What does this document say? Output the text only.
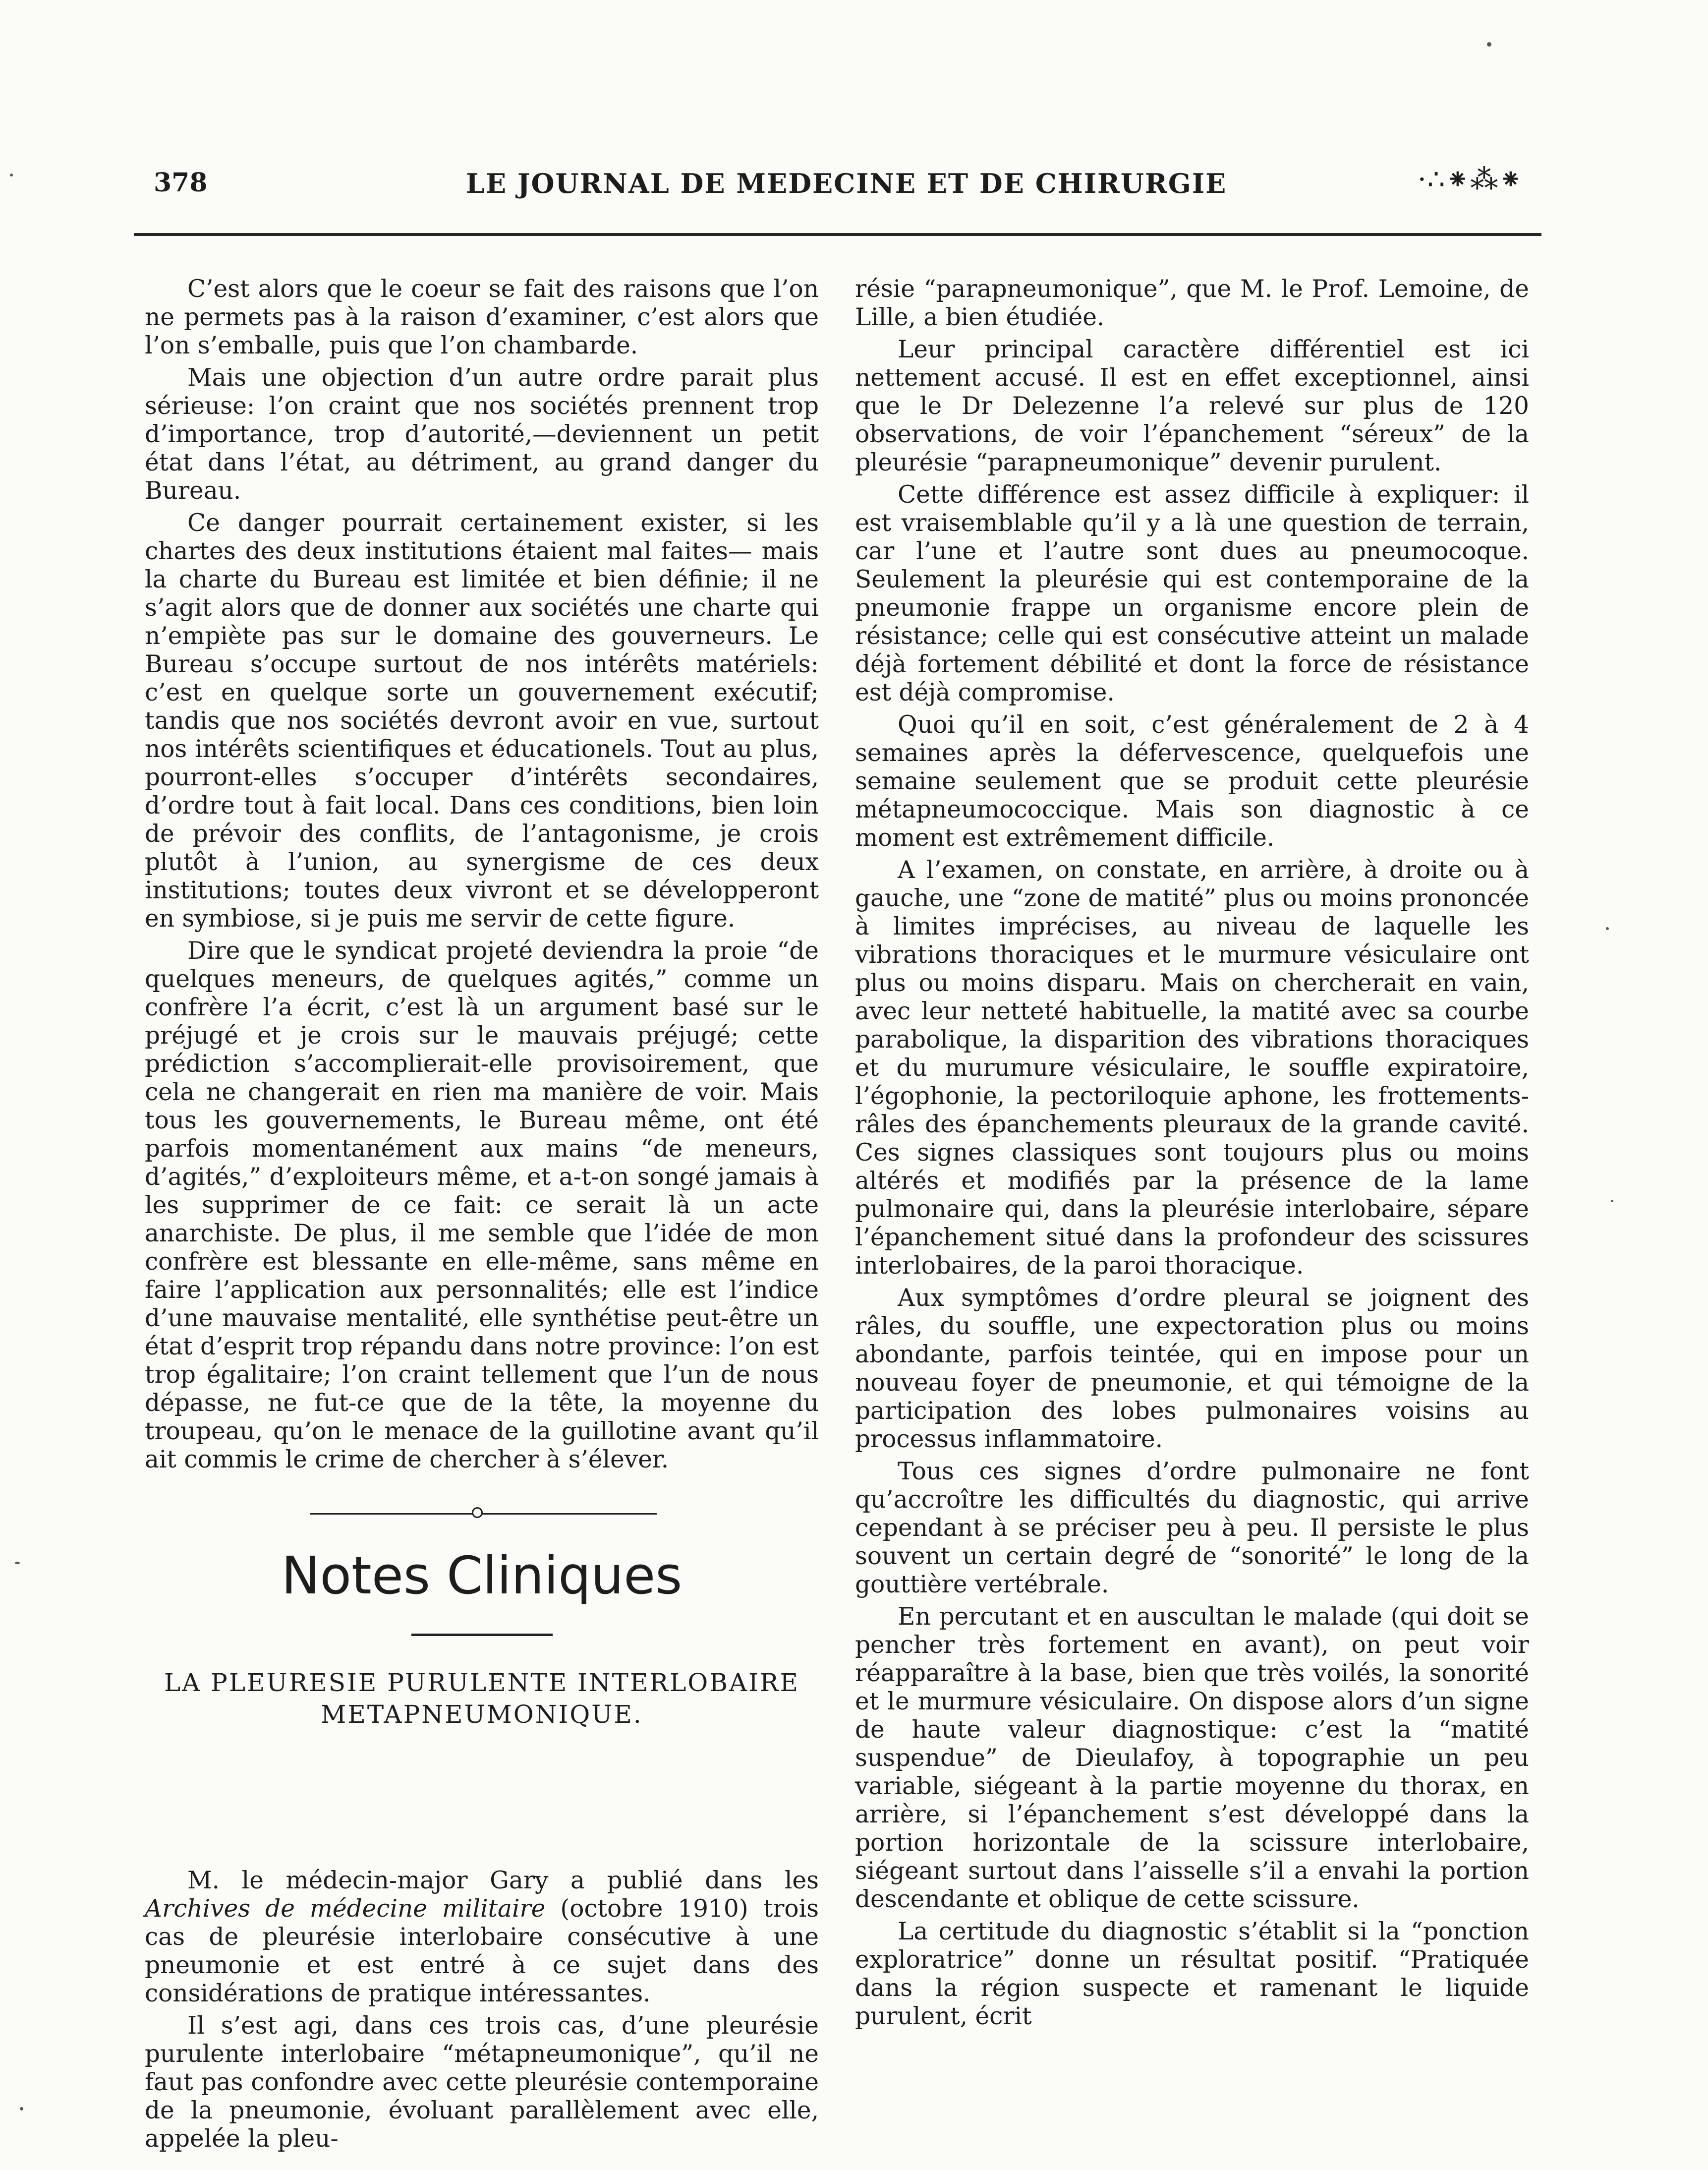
378	LE JOURNAL DE MEDECINE ET DE CHIRURGIE	·∴⁕⁂⁕

C’est alors que le coeur se fait des raisons que l’on ne permets pas à la raison d’examiner, c’est alors que l’on s’emballe, puis que l’on chambarde.

Mais une objection d’un autre ordre parait plus sérieuse: l’on craint que nos sociétés prennent trop d’importance, trop d’autorité,—deviennent un petit état dans l’état, au détriment, au grand danger du Bureau.

Ce danger pourrait certainement exister, si les chartes des deux institutions étaient mal faites— mais la charte du Bureau est limitée et bien définie; il ne s’agit alors que de donner aux sociétés une charte qui n’empiète pas sur le domaine des gouverneurs. Le Bureau s’occupe surtout de nos intérêts matériels: c’est en quelque sorte un gouvernement exécutif; tandis que nos sociétés devront avoir en vue, surtout nos intérêts scientifiques et éducationels. Tout au plus, pourront-elles s’occuper d’intérêts secondaires, d’ordre tout à fait local. Dans ces conditions, bien loin de prévoir des conflits, de l’antagonisme, je crois plutôt à l’union, au synergisme de ces deux institutions; toutes deux vivront et se développeront en symbiose, si je puis me servir de cette figure.

Dire que le syndicat projeté deviendra la proie “de quelques meneurs, de quelques agités,” comme un confrère l’a écrit, c’est là un argument basé sur le préjugé et je crois sur le mauvais préjugé; cette prédiction s’accomplierait-elle provisoirement, que cela ne changerait en rien ma manière de voir. Mais tous les gouvernements, le Bureau même, ont été parfois momentanément aux mains “de meneurs, d’agités,” d’exploiteurs même, et a-t-on songé jamais à les supprimer de ce fait: ce serait là un acte anarchiste. De plus, il me semble que l’idée de mon confrère est blessante en elle-même, sans même en faire l’application aux personnalités; elle est l’indice d’une mauvaise mentalité, elle synthétise peut-être un état d’esprit trop répandu dans notre province: l’on est trop égalitaire; l’on craint tellement que l’un de nous dépasse, ne fut-ce que de la tête, la moyenne du troupeau, qu’on le menace de la guillotine avant qu’il ait commis le crime de chercher à s’élever.

Notes Cliniques
LA PLEURESIE PURULENTE INTERLOBAIRE
METAPNEUMONIQUE.

M. le médecin-major Gary a publié dans les Archives de médecine militaire (octobre 1910) trois cas de pleurésie interlobaire consécutive à une pneumonie et est entré à ce sujet dans des considérations de pratique intéressantes.

Il s’est agi, dans ces trois cas, d’une pleurésie purulente interlobaire “métapneumonique”, qu’il ne faut pas confondre avec cette pleurésie contemporaine de la pneumonie, évoluant parallèlement avec elle, appelée la pleu-

résie “parapneumonique”, que M. le Prof. Lemoine, de Lille, a bien étudiée.

Leur principal caractère différentiel est ici nettement accusé. Il est en effet exceptionnel, ainsi que le Dr Delezenne l’a relevé sur plus de 120 observations, de voir l’épanchement “séreux” de la pleurésie “parapneumonique” devenir purulent.

Cette différence est assez difficile à expliquer: il est vraisemblable qu’il y a là une question de terrain, car l’une et l’autre sont dues au pneumocoque. Seulement la pleurésie qui est contemporaine de la pneumonie frappe un organisme encore plein de résistance; celle qui est consécutive atteint un malade déjà fortement débilité et dont la force de résistance est déjà compromise.

Quoi qu’il en soit, c’est généralement de 2 à 4 semaines après la défervescence, quelquefois une semaine seulement que se produit cette pleurésie métapneumococcique. Mais son diagnostic à ce moment est extrêmement difficile.

A l’examen, on constate, en arrière, à droite ou à gauche, une “zone de matité” plus ou moins prononcée à limites imprécises, au niveau de laquelle les vibrations thoraciques et le murmure vésiculaire ont plus ou moins disparu. Mais on chercherait en vain, avec leur netteté habituelle, la matité avec sa courbe parabolique, la disparition des vibrations thoraciques et du murumure vésiculaire, le souffle expiratoire, l’égophonie, la pectoriloquie aphone, les frottements-râles des épanchements pleuraux de la grande cavité. Ces signes classiques sont toujours plus ou moins altérés et modifiés par la présence de la lame pulmonaire qui, dans la pleurésie interlobaire, sépare l’épanchement situé dans la profondeur des scissures interlobaires, de la paroi thoracique.

Aux symptômes d’ordre pleural se joignent des râles, du souffle, une expectoration plus ou moins abondante, parfois teintée, qui en impose pour un nouveau foyer de pneumonie, et qui témoigne de la participation des lobes pulmonaires voisins au processus inflammatoire.

Tous ces signes d’ordre pulmonaire ne font qu’accroître les difficultés du diagnostic, qui arrive cependant à se préciser peu à peu. Il persiste le plus souvent un certain degré de “sonorité” le long de la gouttière vertébrale.

En percutant et en auscultan le malade (qui doit se pencher très fortement en avant), on peut voir réapparaître à la base, bien que très voilés, la sonorité et le murmure vésiculaire. On dispose alors d’un signe de haute valeur diagnostique: c’est la “matité suspendue” de Dieulafoy, à topographie un peu variable, siégeant à la partie moyenne du thorax, en arrière, si l’épanchement s’est développé dans la portion horizontale de la scissure interlobaire, siégeant surtout dans l’aisselle s’il a envahi la portion descendante et oblique de cette scissure.

La certitude du diagnostic s’établit si la “ponction exploratrice” donne un résultat positif. “Pratiquée dans la région suspecte et ramenant le liquide purulent, écrit
